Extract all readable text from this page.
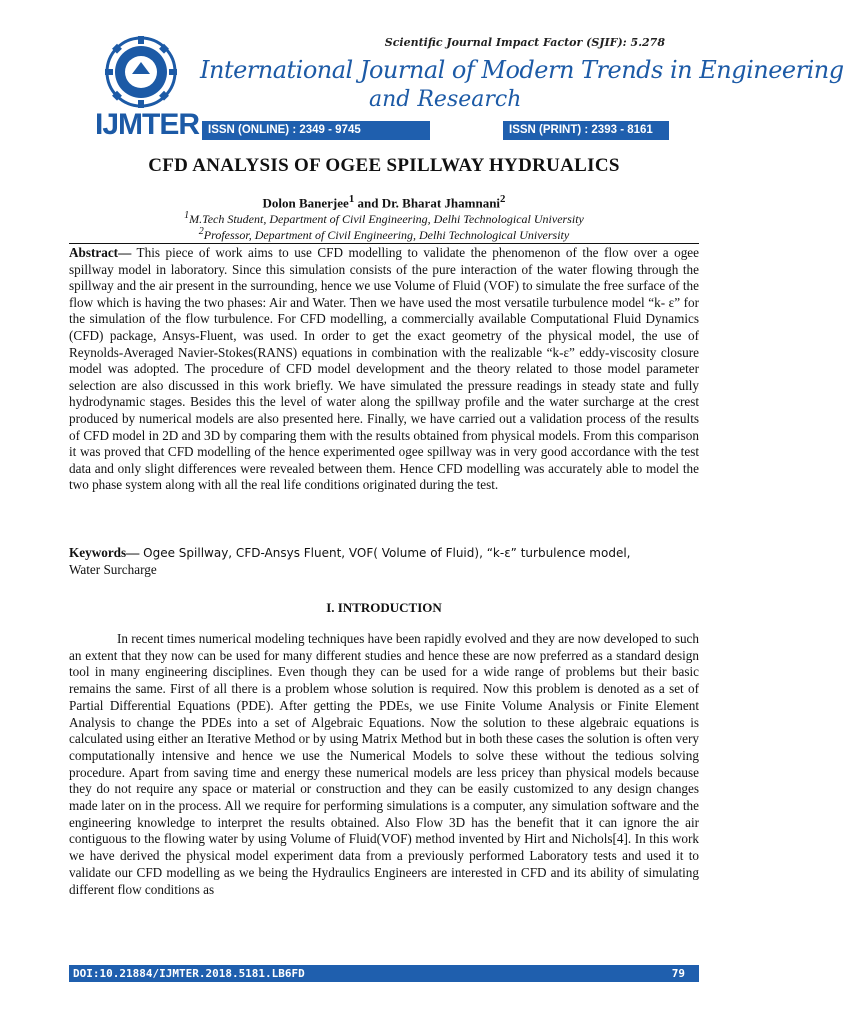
Scientific Journal Impact Factor (SJIF): 5.278
IJMTER
International Journal of Modern Trends in Engineering
and Research
ISSN (ONLINE) : 2349 - 9745	ISSN (PRINT) : 2393 - 8161
CFD ANALYSIS OF OGEE SPILLWAY HYDRUALICS
Dolon Banerjee$^1$ and Dr. Bharat Jhamnani$^2$
$^1$M.Tech Student, Department of Civil Engineering, Delhi Technological University
$^2$Professor, Department of Civil Engineering, Delhi Technological University

Abstract— This piece of work aims to use CFD modelling to validate the phenomenon of the flow over a ogee spillway model in laboratory. Since this simulation consists of the pure interaction of the water flowing through the spillway and the air present in the surrounding, hence we use Volume of Fluid (VOF) to simulate the free surface of the flow which is having the two phases: Air and Water. Then we have used the most versatile turbulence model “k- ε” for the simulation of the flow turbulence. For CFD modelling, a commercially available Computational Fluid Dynamics (CFD) package, Ansys-Fluent, was used. In order to get the exact geometry of the physical model, the use of Reynolds-Averaged Navier-Stokes(RANS) equations in combination with the realizable “k-ε” eddy-viscosity closure model was adopted. The procedure of CFD model development and the theory related to those model parameter selection are also discussed in this work briefly. We have simulated the pressure readings in steady state and fully hydrodynamic stages. Besides this the level of water along the spillway profile and the water surcharge at the crest produced by numerical models are also presented here. Finally, we have carried out a validation process of the results of CFD model in 2D and 3D by comparing them with the results obtained from physical models. From this comparison it was proved that CFD modelling of the hence experimented ogee spillway was in very good accordance with the test data and only slight differences were revealed between them. Hence CFD modelling was accurately able to model the two phase system along with all the real life conditions originated during the test.

Keywords— Ogee Spillway, CFD-Ansys Fluent, VOF( Volume of Fluid), “k-ε” turbulence model,
Water Surcharge

I. INTRODUCTION

In recent times numerical modeling techniques have been rapidly evolved and they are now developed to such an extent that they now can be used for many different studies and hence these are now preferred as a standard design tool in many engineering disciplines. Even though they can be used for a wide range of problems but their basic remains the same. First of all there is a problem whose solution is required. Now this problem is denoted as a set of Partial Differential Equations (PDE). After getting the PDEs, we use Finite Volume Analysis or Finite Element Analysis to change the PDEs into a set of Algebraic Equations. Now the solution to these algebraic equations is calculated using either an Iterative Method or by using Matrix Method but in both these cases the solution is often very computationally intensive and hence we use the Numerical Models to solve these without the tedious solving procedure. Apart from saving time and energy these numerical models are less pricey than physical models because they do not require any space or material or construction and they can be easily customized to any design changes made later on in the process. All we require for performing simulations is a computer, any simulation software and the engineering knowledge to interpret the results obtained. Also Flow 3D has the benefit that it can ignore the air contiguous to the flowing water by using Volume of Fluid(VOF) method invented by Hirt and Nichols[4]. In this work we have derived the physical model experiment data from a previously performed Laboratory tests and used it to validate our CFD modelling as we being the Hydraulics Engineers are interested in CFD and its ability of simulating different flow conditions as

DOI:10.21884/IJMTER.2018.5181.LB6FD	79
